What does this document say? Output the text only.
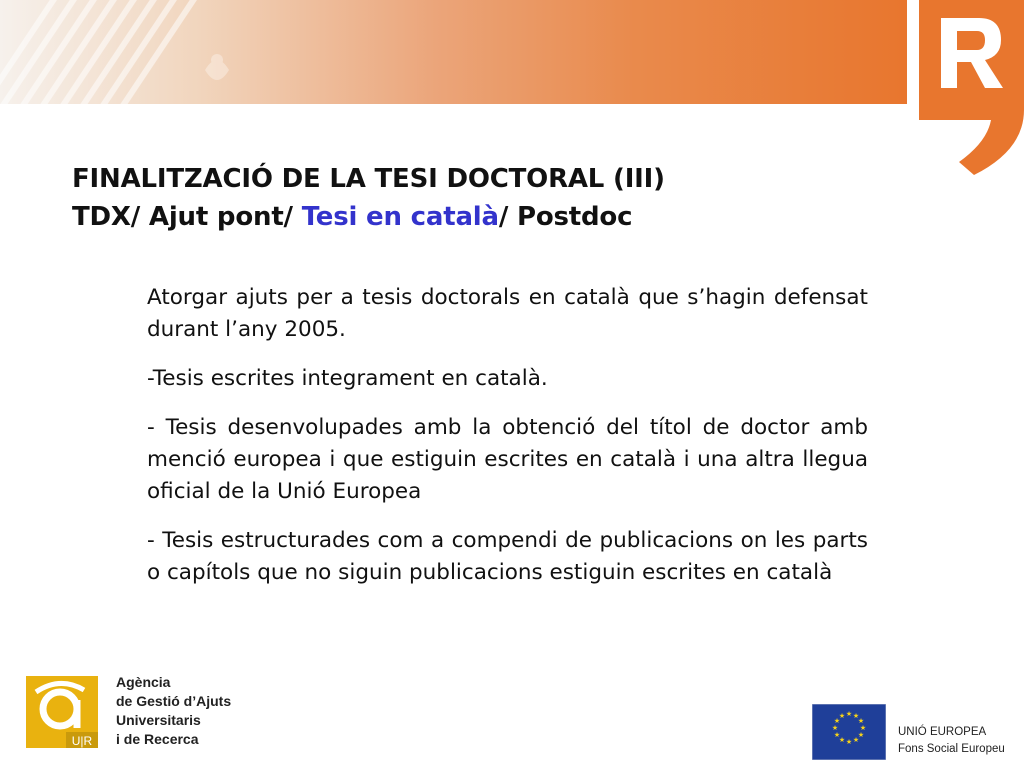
FINALITZACIÓ DE LA TESI DOCTORAL (III)
TDX/ Ajut pont/ Tesi en català/ Postdoc

Atorgar ajuts per a tesis doctorals en català que s’hagin defensat durant l’any 2005.

-Tesis escrites integrament en català.

- Tesis desenvolupades amb la obtenció del títol de doctor amb menció europea i que estiguin escrites en català i una altra llegua oficial de la Unió Europea

- Tesis estructurades com a compendi de publicacions on les parts o capítols que no siguin publicacions estiguin escrites en català

U|R
Agència
de Gestió d’Ajuts
Universitaris
i de Recerca
★ ★
★
★
★
★
★
★
★
★
★
★
UNIÓ EUROPEA
Fons Social Europeu
